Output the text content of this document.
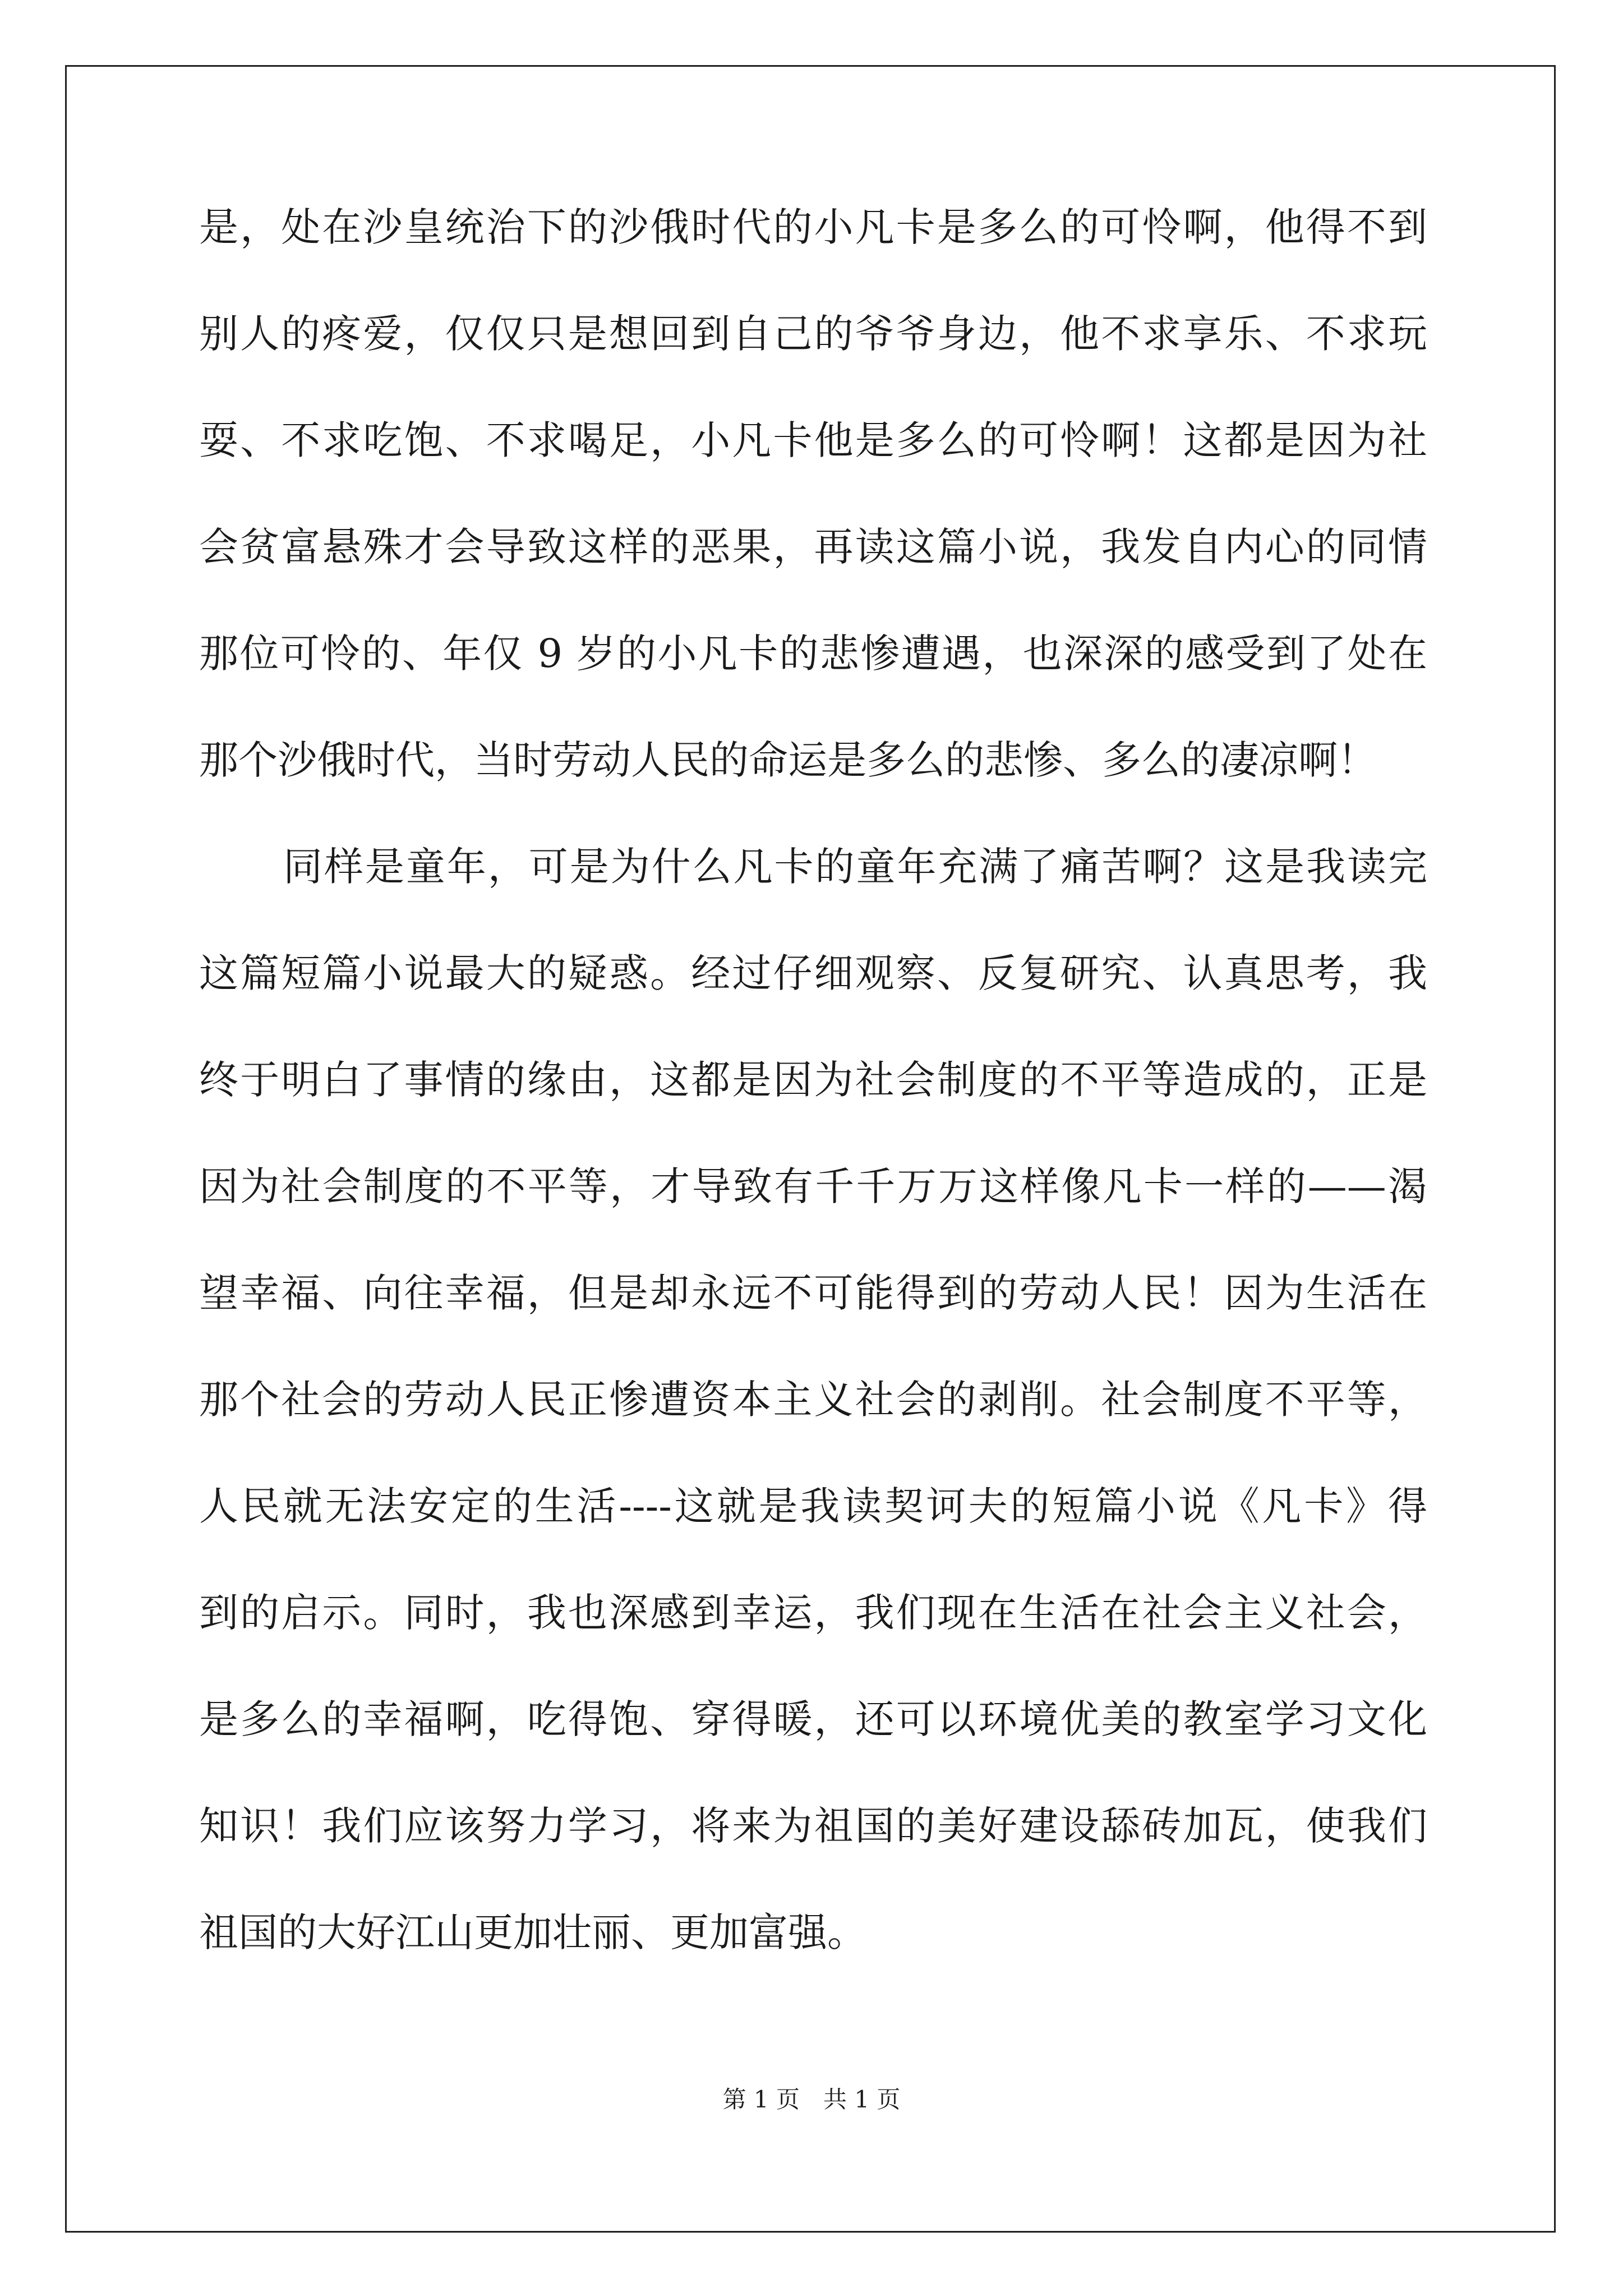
是，处在沙皇统治下的沙俄时代的小凡卡是多么的可怜啊，他得不到
别人的疼爱，仅仅只是想回到自己的爷爷身边，他不求享乐、不求玩
耍、不求吃饱、不求喝足，小凡卡他是多么的可怜啊！这都是因为社
会贫富悬殊才会导致这样的恶果，再读这篇小说，我发自内心的同情
那位可怜的、年仅 9 岁的小凡卡的悲惨遭遇，也深深的感受到了处在
那个沙俄时代，当时劳动人民的命运是多么的悲惨、多么的凄凉啊！
同样是童年，可是为什么凡卡的童年充满了痛苦啊？这是我读完
这篇短篇小说最大的疑惑。经过仔细观察、反复研究、认真思考，我
终于明白了事情的缘由，这都是因为社会制度的不平等造成的，正是
因为社会制度的不平等，才导致有千千万万这样像凡卡一样的——渴
望幸福、向往幸福，但是却永远不可能得到的劳动人民！因为生活在
那个社会的劳动人民正惨遭资本主义社会的剥削。社会制度不平等，
人民就无法安定的生活----这就是我读契诃夫的短篇小说《凡卡》得
到的启示。同时，我也深感到幸运，我们现在生活在社会主义社会，
是多么的幸福啊，吃得饱、穿得暖，还可以环境优美的教室学习文化
知识！我们应该努力学习，将来为祖国的美好建设舔砖加瓦，使我们
祖国的大好江山更加壮丽、更加富强。
第 1 页　共 1 页
